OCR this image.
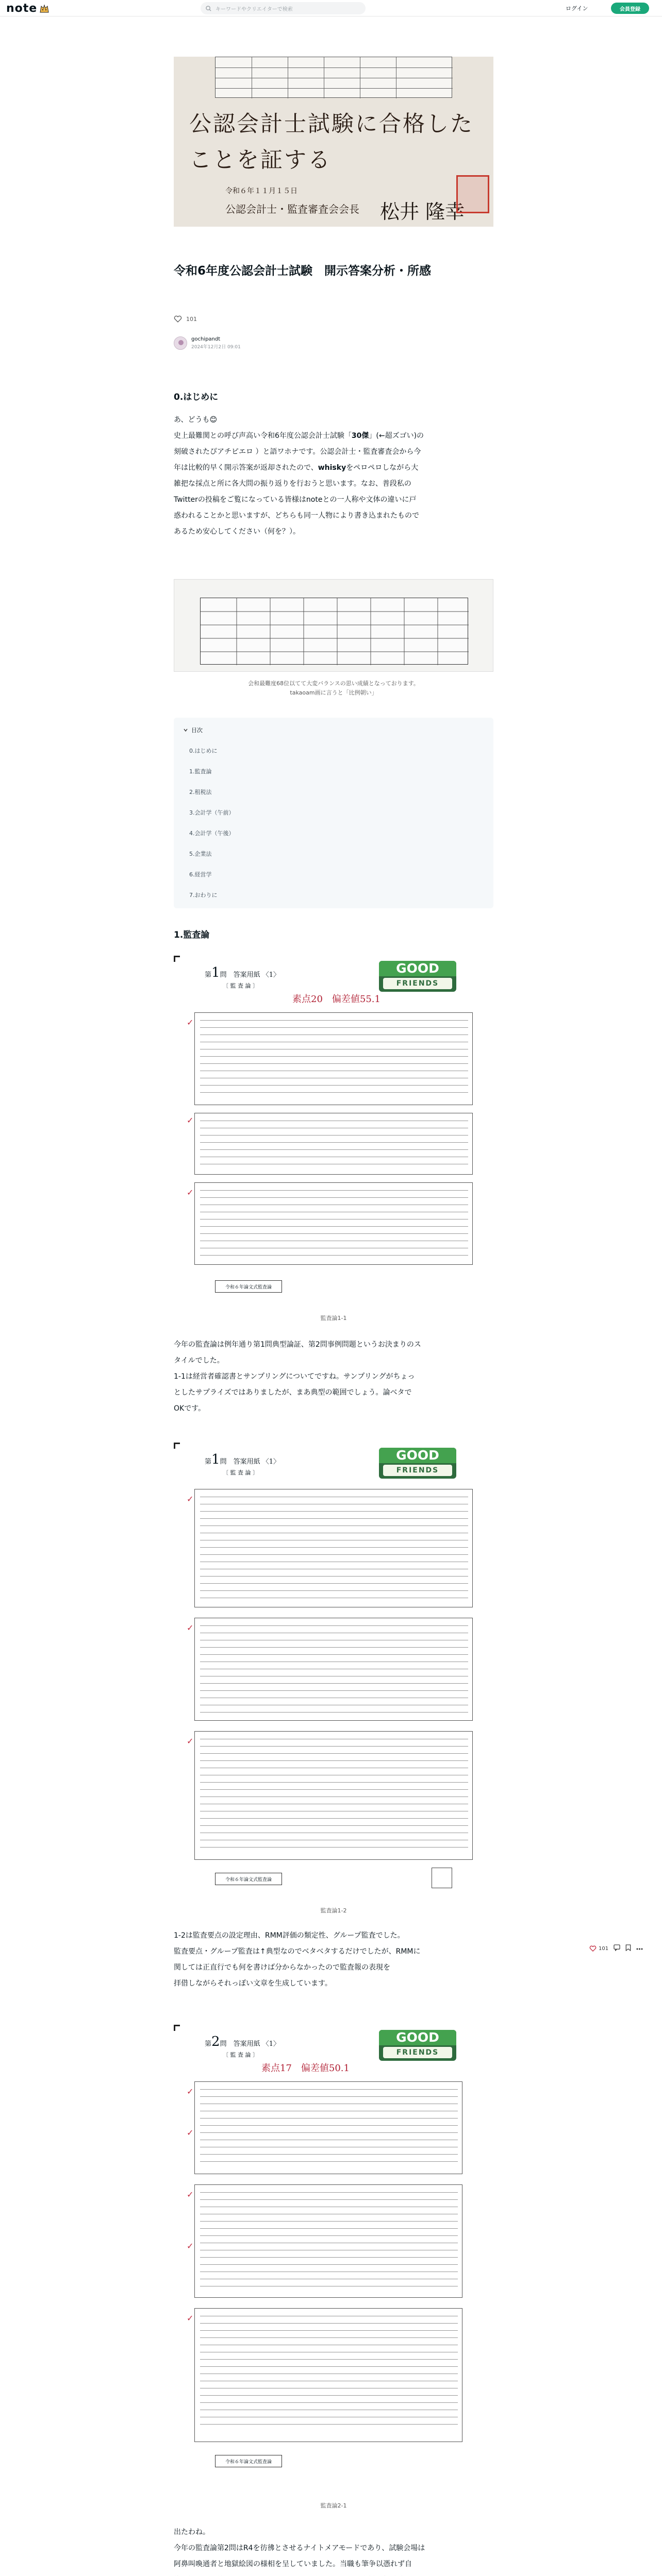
note	キーワードやクリエイターで検索	ログイン	会員登録
公認会計士試験に合格した
ことを証する
令和６年１１月１５日
公認会計士・監査審査会会長 松井 隆幸
令和6年度公認会計士試験　開示答案分析・所感
101
gochipandt
2024年12月2日 09:01
0.はじめに
あ、どうも😊
史上最難関との呼び声高い令和6年度公認会計士試験「30傑」(←超ズゴい)の
刻破されたぴアチピエロ ）と語ワホナです。公認会計士・監査審査会から今
年は比較的早く開示答案が返却されたので、whiskyをペロペロしながら大
雑把な採点と所に各大問の振り返りを行おうと思います。なお、普段私の
Twitterの投稿をご覧になっている皆様はnoteとの一人称や文体の違いに戸
惑われることかと思いますが、どちらも同一人物により書き込まれたもので
あるため安心してください（何を？）。
会和最難度68位以てて大変バランスの思い成績となっております。
takaoam画に言うと「比例朝い」
目次
0.はじめに
1.監査論
2.租税法
3.会計学（午前）
4.会計学（午後）
5.企業法
6.経営学
7.おわりに
1.監査論
第1問　答案用紙 〈1〉
〔 監 査 論 〕
GOOD
FRIENDS
素点20　偏差値55.1
✓
✓
✓
令和６年論文式監査論
監査論1-1
今年の監査論は例年通り第1問典型論証、第2問事例問題というお決まりのス
タイルでした。
1-1は経営者確認書とサンプリングについてですね。サンプリングがちょっ
としたサプライズではありましたが、まあ典型の範囲でしょう。論ベタで
OKです。
第1問　答案用紙 〈1〉
〔 監 査 論 〕
GOOD
FRIENDS
✓
✓
✓
令和６年論文式監査論
監査論1-2
1-2は監査要点の設定理由、RMM評価の類定性、グループ監査でした。
監査要点・グループ監査は↑典型なのでベタベタするだけでしたが、RMMに
関しては正直行でも何を書けば分からなかったので監査報の表現を
拝借しながらそれっぽい文章を生成しています。
第2問　答案用紙 〈1〉
〔 監 査 論 〕
GOOD
FRIENDS
素点17　偏差値50.1
✓
✓
✓
✓
✓
令和６年論文式監査論
監査論2-1
出たわね。
今年の監査論第2問はR4を彷彿とさせるナイトメアモードであり、試験会場は
阿鼻叫喚通者と地獄絵図の様相を呈していました。当職も筆争以憑れず自
101
